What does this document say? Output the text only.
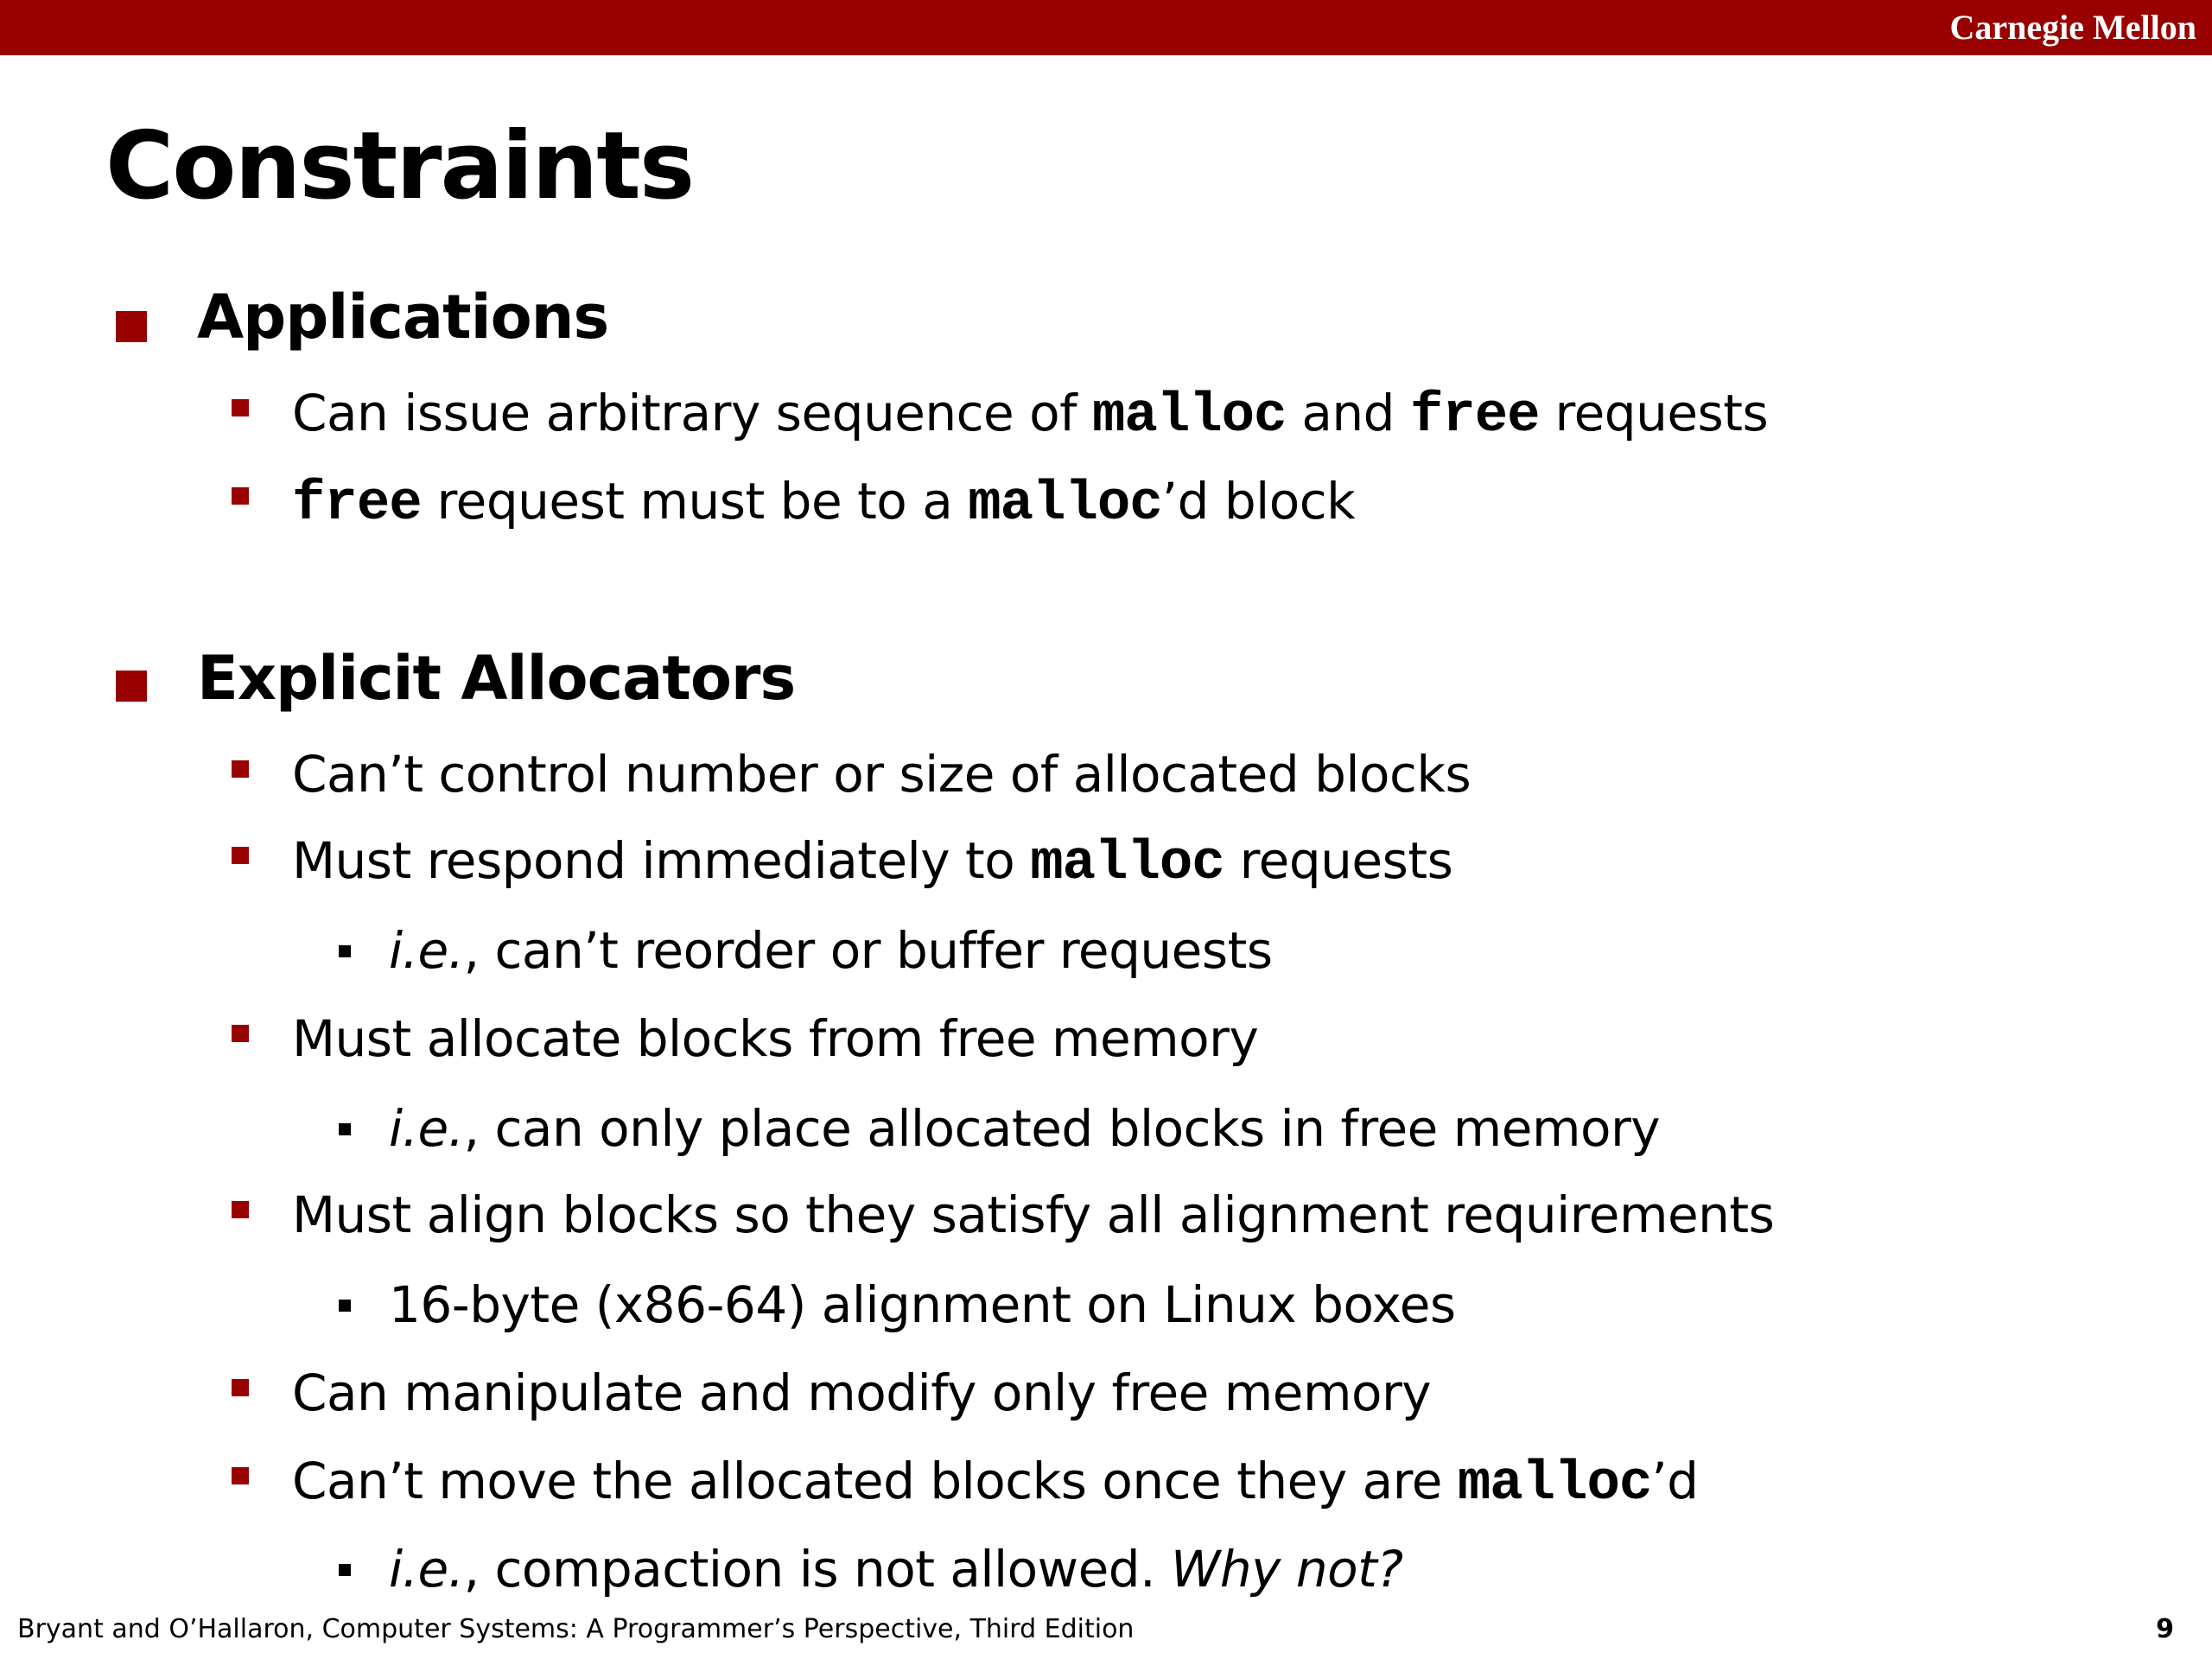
Carnegie Mellon
Constraints
Applications
Can issue arbitrary sequence of malloc and free requests
free request must be to a malloc’d block
Explicit Allocators
Can’t control number or size of allocated blocks
Must respond immediately to malloc requests
i.e., can’t reorder or buffer requests
Must allocate blocks from free memory
i.e., can only place allocated blocks in free memory
Must align blocks so they satisfy all alignment requirements
16-byte (x86-64) alignment on Linux boxes
Can manipulate and modify only free memory
Can’t move the allocated blocks once they are malloc’d
i.e., compaction is not allowed. Why not?
Bryant and O’Hallaron, Computer Systems: A Programmer’s Perspective, Third Edition	9
